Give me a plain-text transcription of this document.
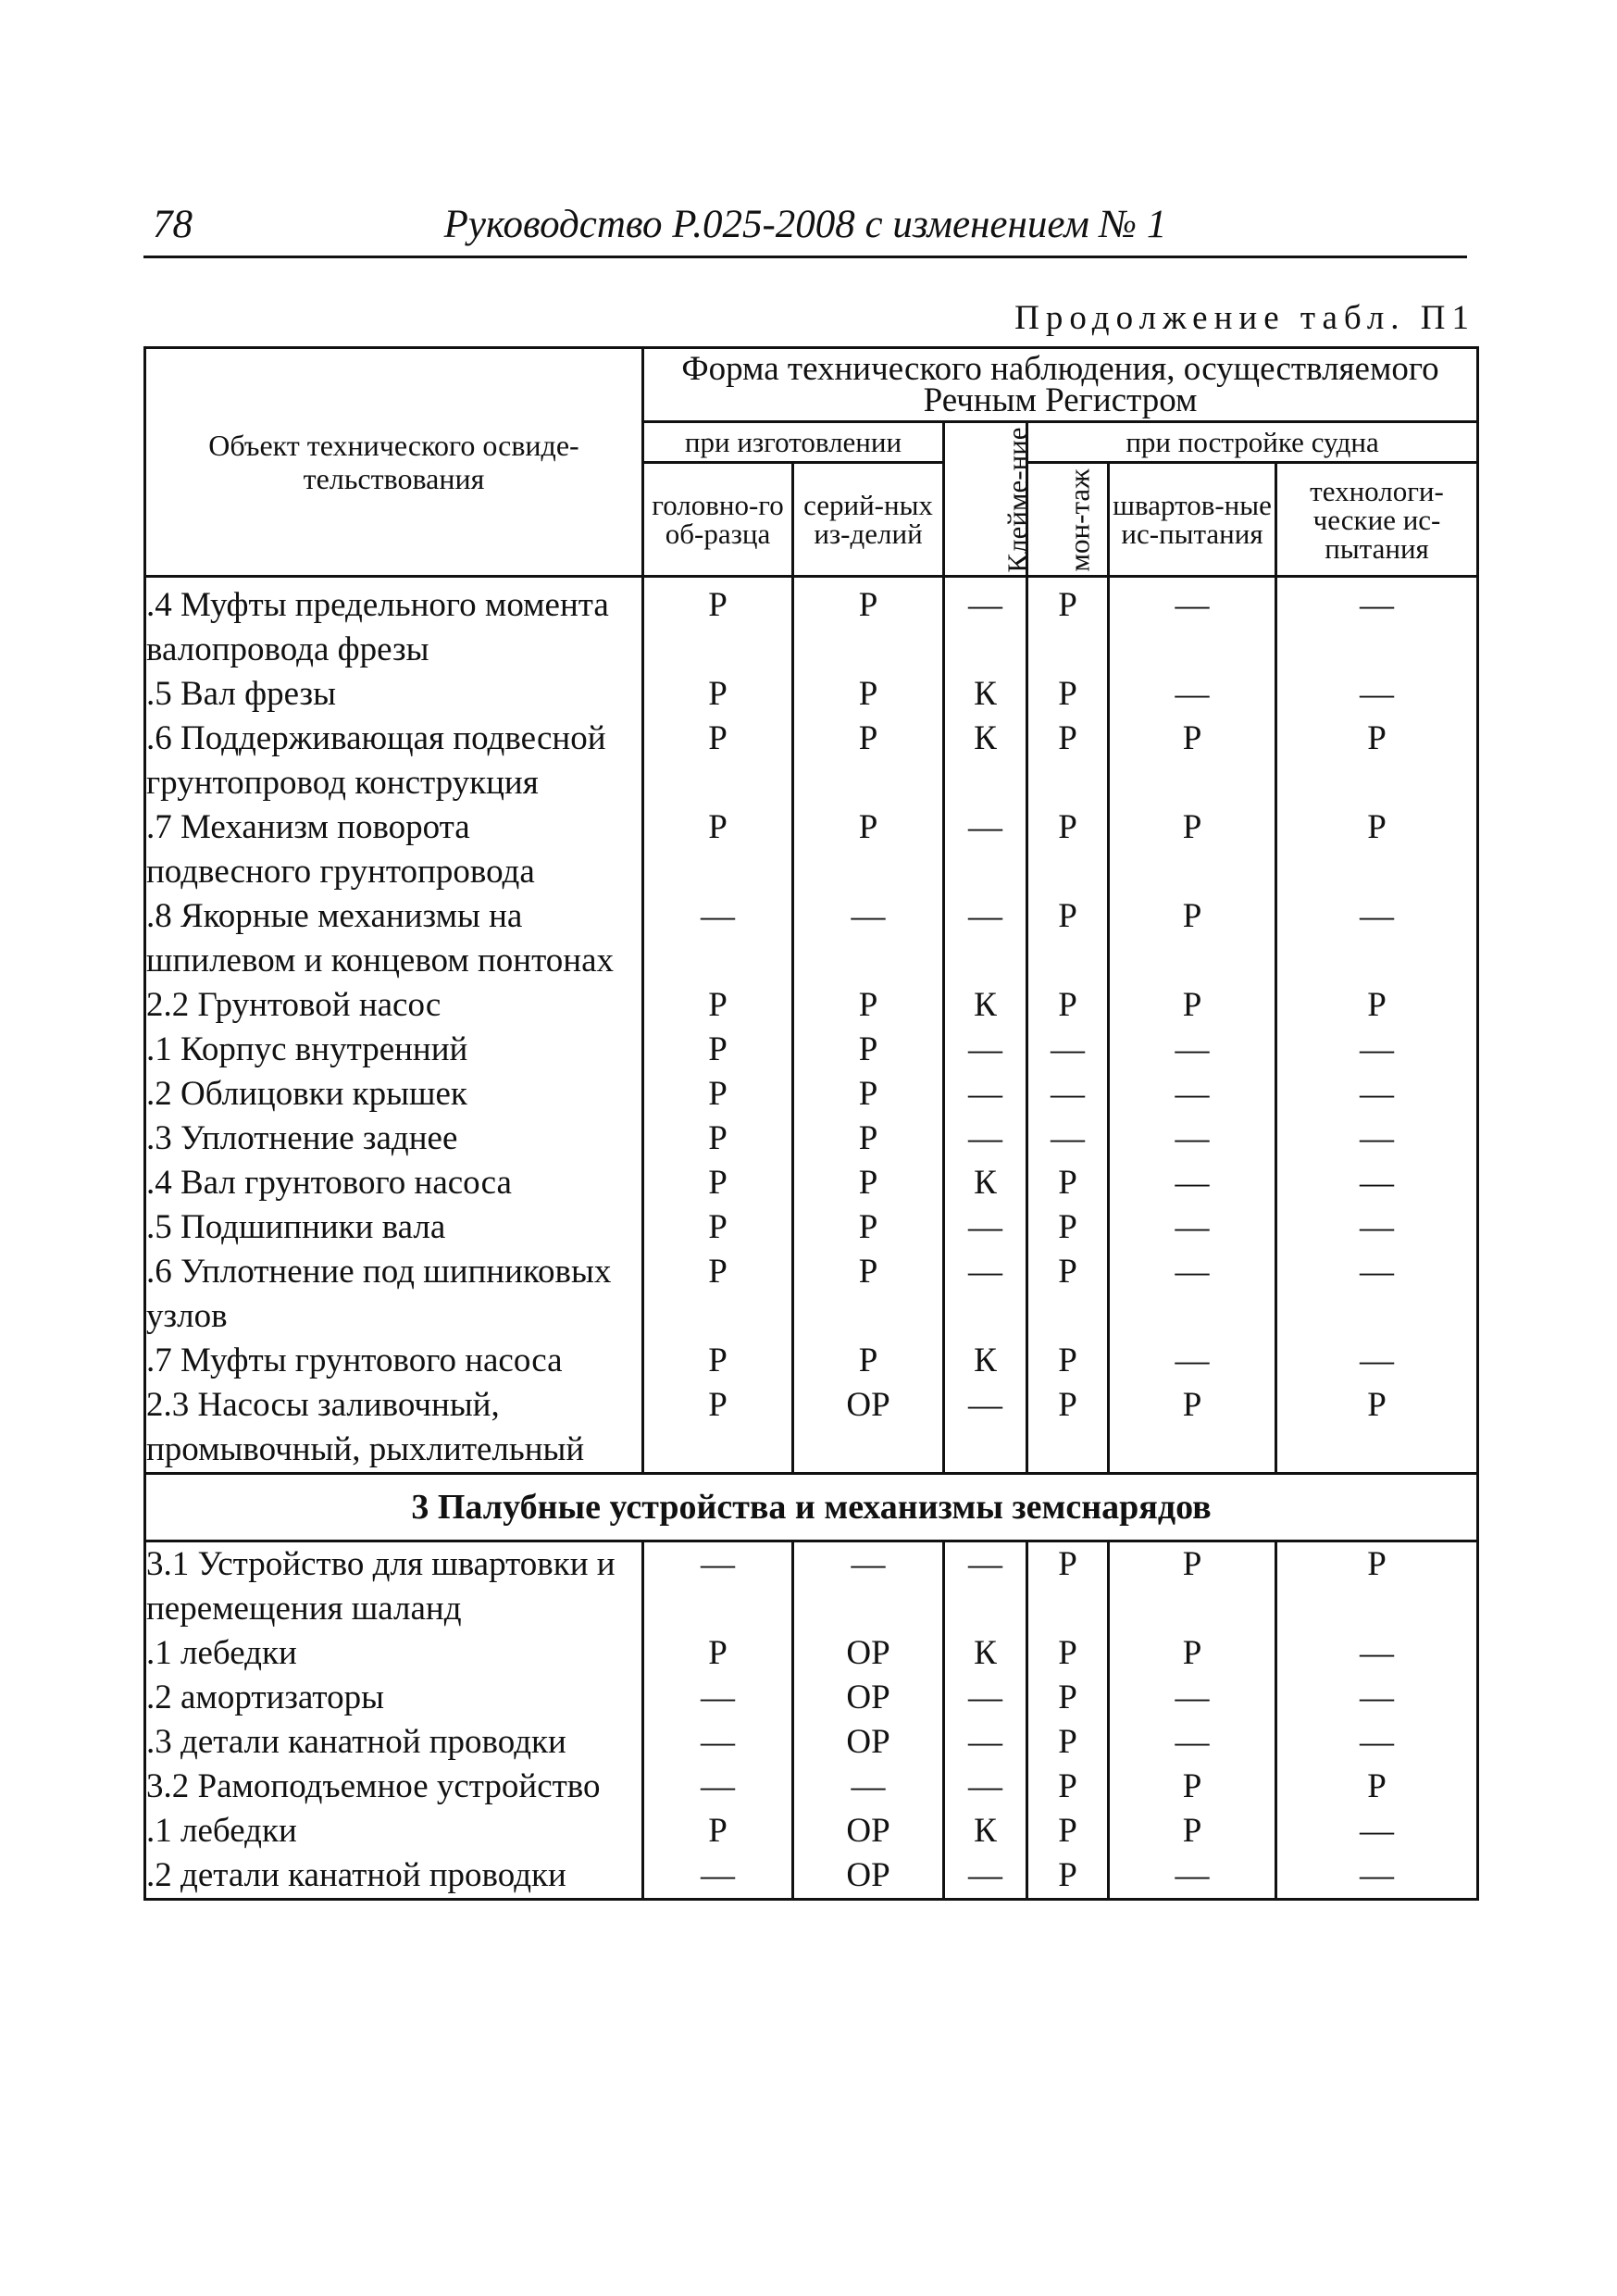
78	Руководство Р.025-2008 с изменением № 1
Продолжение табл. П1
Объект технического освиде-тельствования	Форма технического наблюдения, осуществляемого Речным Регистром					
	при изготовлении		Клейме-ние	при постройке судна		
	головно-го об-разца	серий-ных из-делий		мон-таж	швартов-ные ис-пытания	технологи-ческие ис-пытания
.4 Муфты предельного момента валопровода фрезы	Р	Р	—	Р	—	—
.5 Вал фрезы	Р	Р	К	Р	—	—
.6 Поддерживающая подвесной грунтопровод конструкция	Р	Р	К	Р	Р	Р
.7 Механизм поворота подвесного грунтопровода	Р	Р	—	Р	Р	Р
.8 Якорные механизмы на шпилевом и концевом понтонах	—	—	—	Р	Р	—
2.2 Грунтовой насос	Р	Р	К	Р	Р	Р
.1 Корпус внутренний	Р	Р	—	—	—	—
.2 Облицовки крышек	Р	Р	—	—	—	—
.3 Уплотнение заднее	Р	Р	—	—	—	—
.4 Вал грунтового насоса	Р	Р	К	Р	—	—
.5 Подшипники вала	Р	Р	—	Р	—	—
.6 Уплотнение под шипниковых узлов	Р	Р	—	Р	—	—
.7 Муфты грунтового насоса	Р	Р	К	Р	—	—
2.3 Насосы заливочный, промывочный, рыхлительный	Р	ОР	—	Р	Р	Р
3 Палубные устройства и механизмы земснарядов						
3.1 Устройство для швартовки и перемещения шаланд	—	—	—	Р	Р	Р
.1 лебедки	Р	ОР	К	Р	Р	—
.2 амортизаторы	—	ОР	—	Р	—	—
.3 детали канатной проводки	—	ОР	—	Р	—	—
3.2 Рамоподъемное устройство	—	—	—	Р	Р	Р
.1 лебедки	Р	ОР	К	Р	Р	—
.2 детали канатной проводки	—	ОР	—	Р	—	—
